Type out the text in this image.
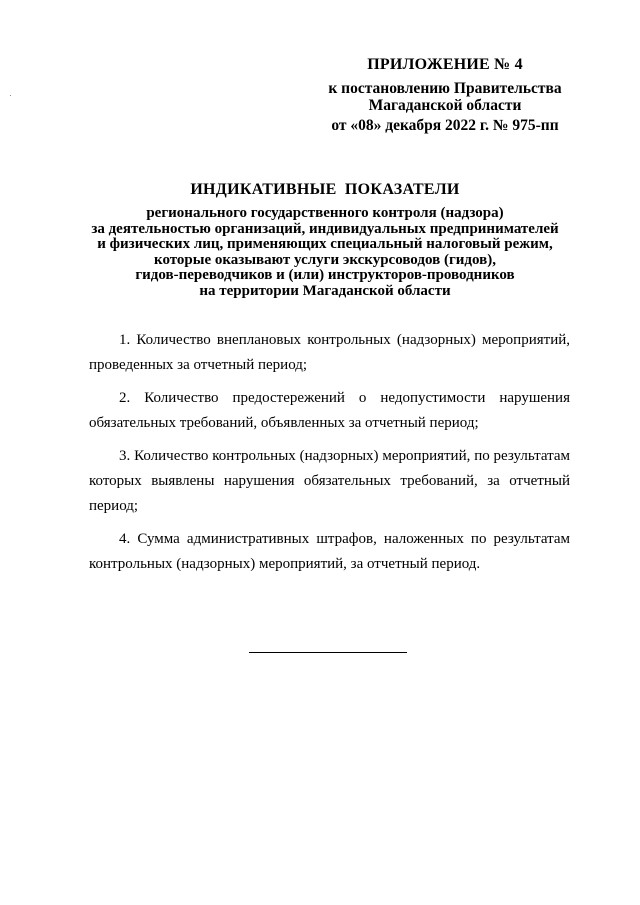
ПРИЛОЖЕНИЕ № 4
к постановлению Правительства
Магаданской области
от «08» декабря 2022 г. № 975-пп
ИНДИКАТИВНЫЕ ПОКАЗАТЕЛИ
регионального государственного контроля (надзора)
за деятельностью организаций, индивидуальных предпринимателей
и физических лиц, применяющих специальный налоговый режим,
которые оказывают услуги экскурсоводов (гидов),
гидов-переводчиков и (или) инструкторов-проводников
на территории Магаданской области
1. Количество внеплановых контрольных (надзорных) мероприятий,
проведенных за отчетный период;
2. Количество предостережений о недопустимости нарушения
обязательных требований, объявленных за отчетный период;
3. Количество контрольных (надзорных) мероприятий, по результатам
которых выявлены нарушения обязательных требований, за отчетный
период;
4. Сумма административных штрафов, наложенных по результатам
контрольных (надзорных) мероприятий, за отчетный период.
